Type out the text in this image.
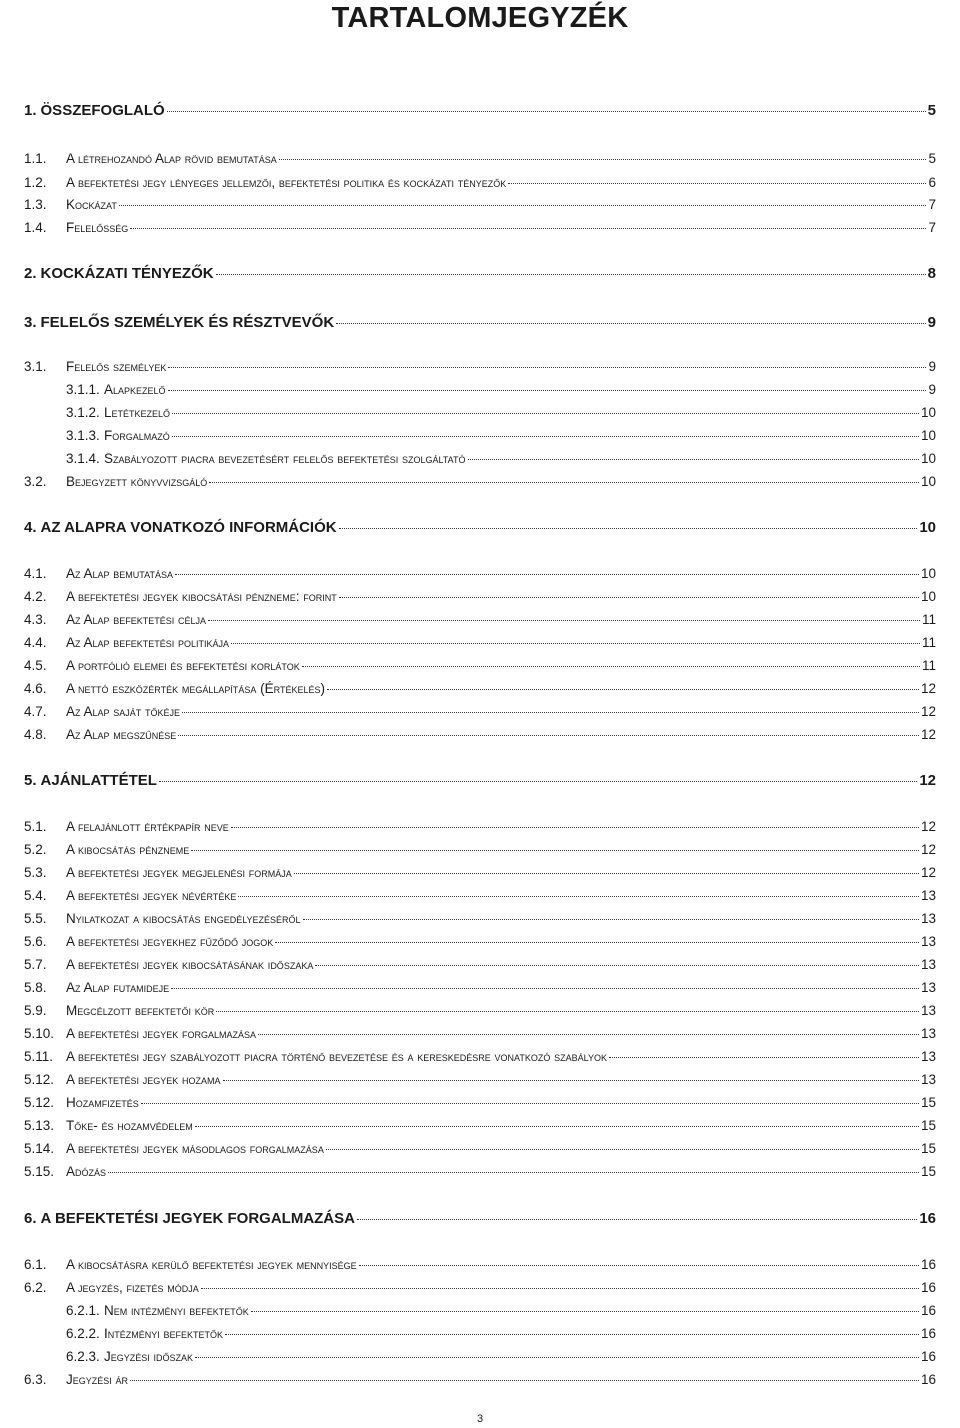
TARTALOMJEGYZÉK
1. ÖSSZEFOGLALÓ	5
1.1.	A létrehozandó Alap rövid bemutatása	5
1.2.	A befektetési jegy lényeges jellemzői, befektetési politika és kockázati tényezők	6
1.3.	Kockázat	7
1.4.	Felelősség	7
2. KOCKÁZATI TÉNYEZŐK	8
3. FELELŐS SZEMÉLYEK ÉS RÉSZTVEVŐK	9
3.1.	Felelős személyek	9
3.1.1. Alapkezelő	9
3.1.2. Letétkezelő	10
3.1.3. Forgalmazó	10
3.1.4. Szabályozott piacra bevezetésért felelős befektetési szolgáltató	10
3.2.	Bejegyzett könyvvizsgáló	10
4. AZ ALAPRA VONATKOZÓ INFORMÁCIÓK	10
4.1.	Az Alap bemutatása	10
4.2.	A befektetési jegyek kibocsátási pénzneme: forint	10
4.3.	Az Alap befektetési célja	11
4.4.	Az Alap befektetési politikája	11
4.5.	A portfólió elemei és befektetési korlátok	11
4.6.	A nettó eszközérték megállapítása (Értékelés)	12
4.7.	Az Alap saját tőkéje	12
4.8.	Az Alap megszűnése	12
5. AJÁNLATTÉTEL	12
5.1.	A felajánlott értékpapír neve	12
5.2.	A kibocsátás pénzneme	12
5.3.	A befektetési jegyek megjelenési formája	12
5.4.	A befektetési jegyek névértéke	13
5.5.	Nyilatkozat a kibocsátás engedélyezéséről	13
5.6.	A befektetési jegyekhez fűződő jogok	13
5.7.	A befektetési jegyek kibocsátásának időszaka	13
5.8.	Az Alap futamideje	13
5.9.	Megcélzott befektetői kör	13
5.10. A befektetési jegyek forgalmazása	13
5.11. A befektetési jegy szabályozott piacra történő bevezetése és a kereskedésre vonatkozó szabályok	13
5.12. A befektetési jegyek hozama	13
5.12. Hozamfizetés	15
5.13. Tőke- és hozamvédelem	15
5.14. A befektetési jegyek másodlagos forgalmazása	15
5.15. Adózás	15
6. A BEFEKTETÉSI JEGYEK FORGALMAZÁSA	16
6.1.	A kibocsátásra kerülő befektetési jegyek mennyisége	16
6.2.	A jegyzés, fizetés módja	16
6.2.1. Nem intézményi befektetők	16
6.2.2. Intézményi befektetők	16
6.2.3. Jegyzési időszak	16
6.3.	Jegyzési ár	16
3
